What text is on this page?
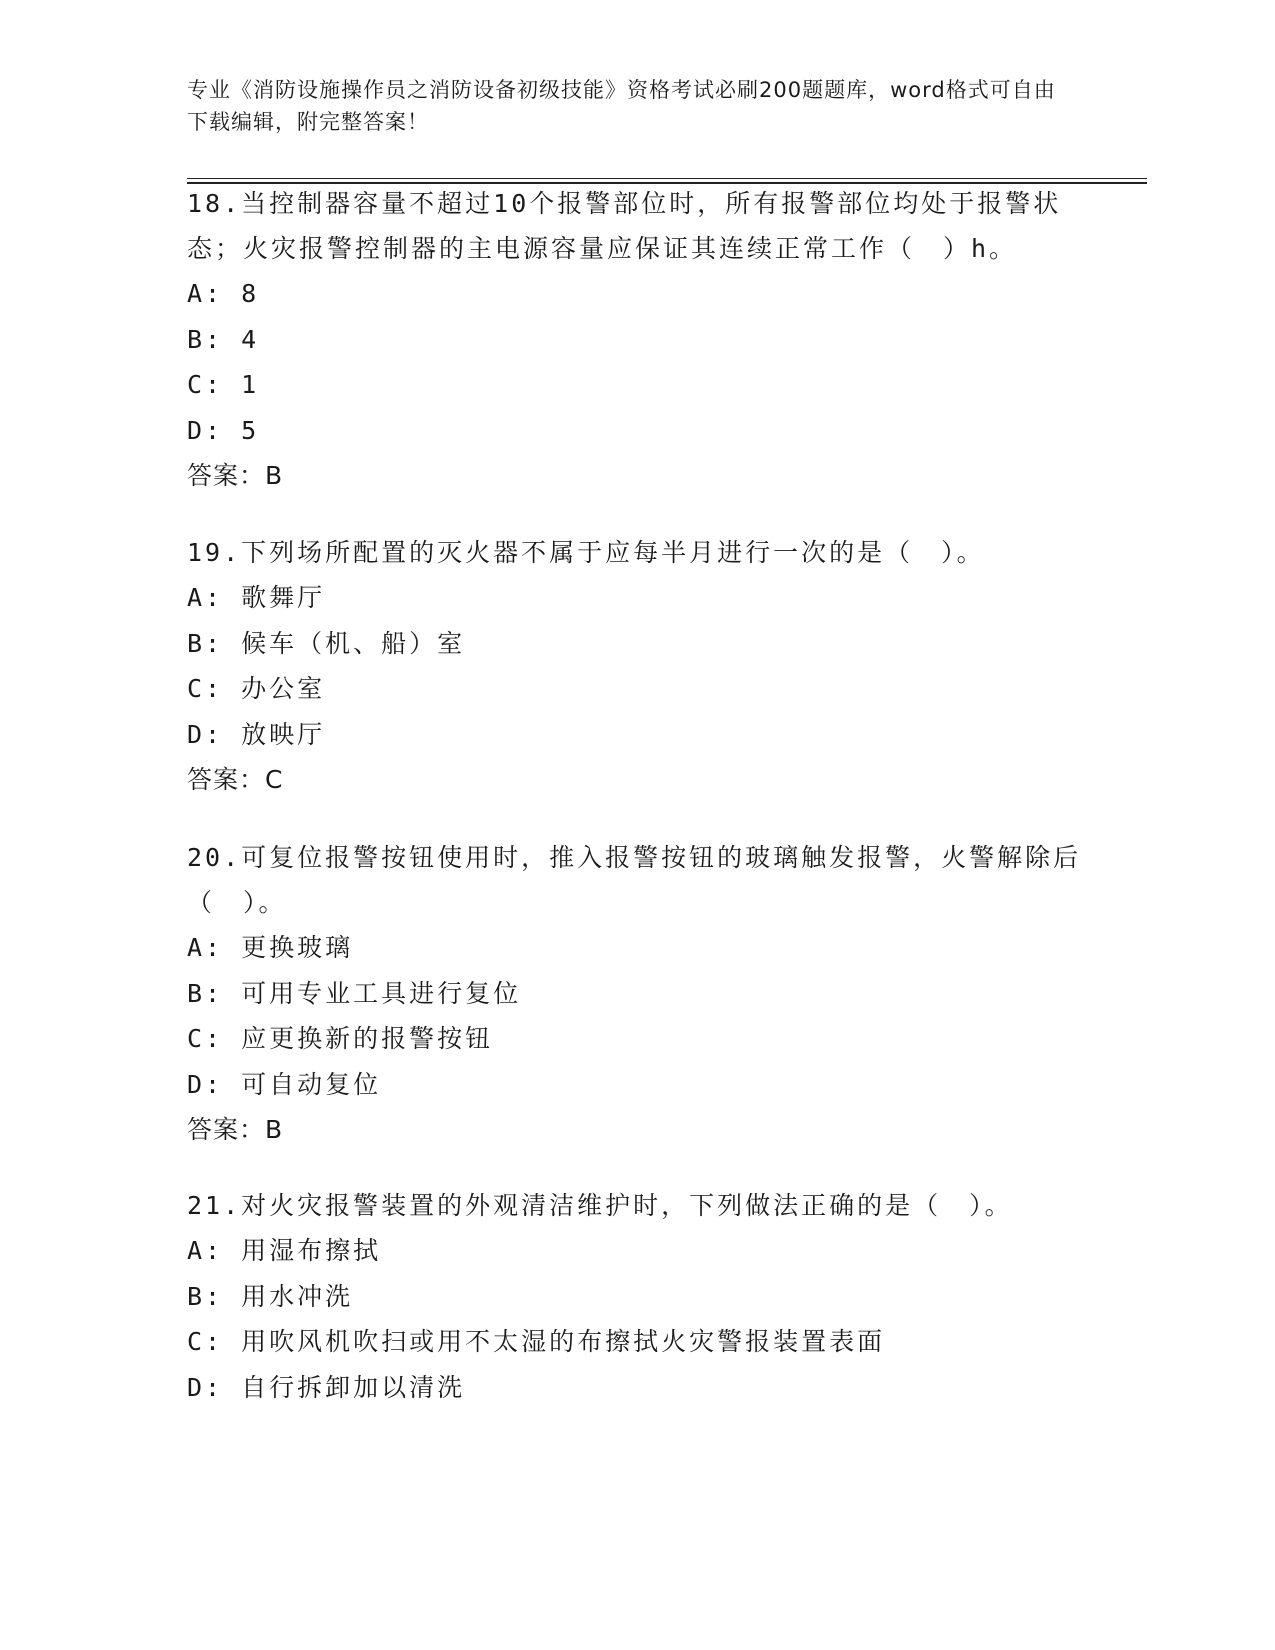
专业《消防设施操作员之消防设备初级技能》资格考试必刷200题题库，word格式可自由下载编辑，附完整答案！

18.当控制器容量不超过10个报警部位时，所有报警部位均处于报警状态；火灾报警控制器的主电源容量应保证其连续正常工作（　）h。

A: 8

B: 4

C: 1

D: 5

答案：B

19.下列场所配置的灭火器不属于应每半月进行一次的是（　）。

A: 歌舞厅

B: 候车（机、船）室

C: 办公室

D: 放映厅

答案：C

20.可复位报警按钮使用时，推入报警按钮的玻璃触发报警，火警解除后（　）。

A: 更换玻璃

B: 可用专业工具进行复位

C: 应更换新的报警按钮

D: 可自动复位

答案：B

21.对火灾报警装置的外观清洁维护时，下列做法正确的是（　）。

A: 用湿布擦拭

B: 用水冲洗

C: 用吹风机吹扫或用不太湿的布擦拭火灾警报装置表面

D: 自行拆卸加以清洗
